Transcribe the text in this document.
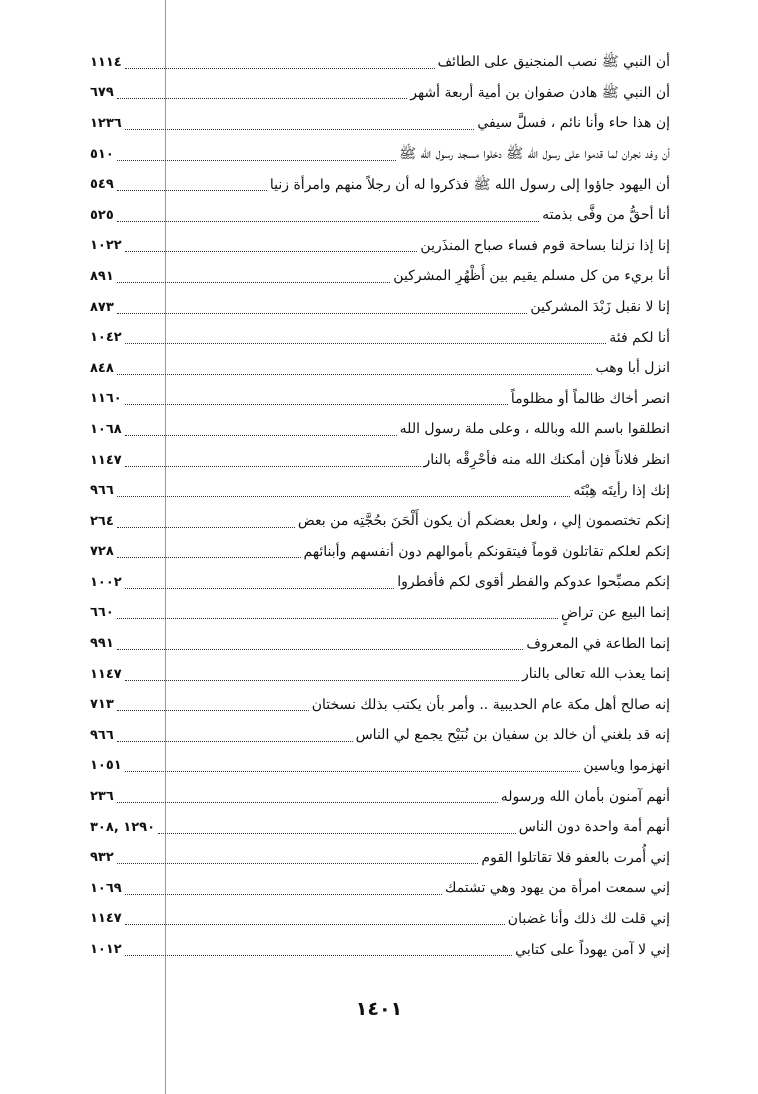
أن النبي ﷺ نصب المنجنيق على الطائف
١١١٤
أن النبي ﷺ هادن صفوان بن أمية أربعة أشهر
٦٧٩
إن هذا حاء وأنا نائم ، فسلَّ سيفي
١٢٣٦
أن وفد نجران لما قدموا على رسول الله ﷺ دخلوا مسجد رسول الله ﷺ
٥١٠
أن اليهود جاؤوا إلى رسول الله ﷺ فذكروا له أن رجلاً منهم وامرأة زنيا
٥٤٩
أنا أحقُّ من وفَّى بذمته
٥٢٥
إنا إذا نزلنا بساحة قوم فساء صباح المنذَرين
١٠٢٢
أنا بريء من كل مسلم يقيم بين أَظْهُرِ المشركين
٨٩١
إنا لا نقبل زَبْدَ المشركين
٨٧٣
أنا لكم فئة
١٠٤٢
انزل أبا وهب
٨٤٨
انصر أخاك ظالماً أو مظلوماً
١١٦٠
انطلقوا باسم الله وبالله ، وعلى ملة رسول الله
١٠٦٨
انظر فلاناً فإن أمكنك الله منه فأحْرِقْه بالنار
١١٤٧
إنك إذا رأيتَه هِبْتَه
٩٦٦
إنكم تختصمون إلي ، ولعل بعضكم أن يكون أَلْحَنَ بحُجَّتِه من بعض
٢٦٤
إنكم لعلكم تقاتلون قوماً فيتقونكم بأموالهم دون أنفسهم وأبنائهم
٧٢٨
إنكم مصبِّحوا عدوكم والفطر أقوى لكم فأفطروا
١٠٠٢
إنما البيع عن تراضٍ
٦٦٠
إنما الطاعة في المعروف
٩٩١
إنما يعذب الله تعالى بالنار
١١٤٧
إنه صالح أهل مكة عام الحديبية .. وأمر بأن يكتب بذلك نسختان
٧١٣
إنه قد بلغني أن خالد بن سفيان بن نُبَيْح يجمع لي الناس
٩٦٦
انهزموا وياسين
١٠٥١
أنهم آمنون بأمان الله ورسوله
٢٣٦
أنهم أمة واحدة دون الناس
١٢٩٠ ,٣٠٨
إني أُمرت بالعفو فلا تقاتلوا القوم
٩٣٢
إني سمعت امرأة من يهود وهي تشتمك
١٠٦٩
إني قلت لك ذلك وأنا غضبان
١١٤٧
إني لا آمن يهوداً على كتابي
١٠١٢
١٤٠١
